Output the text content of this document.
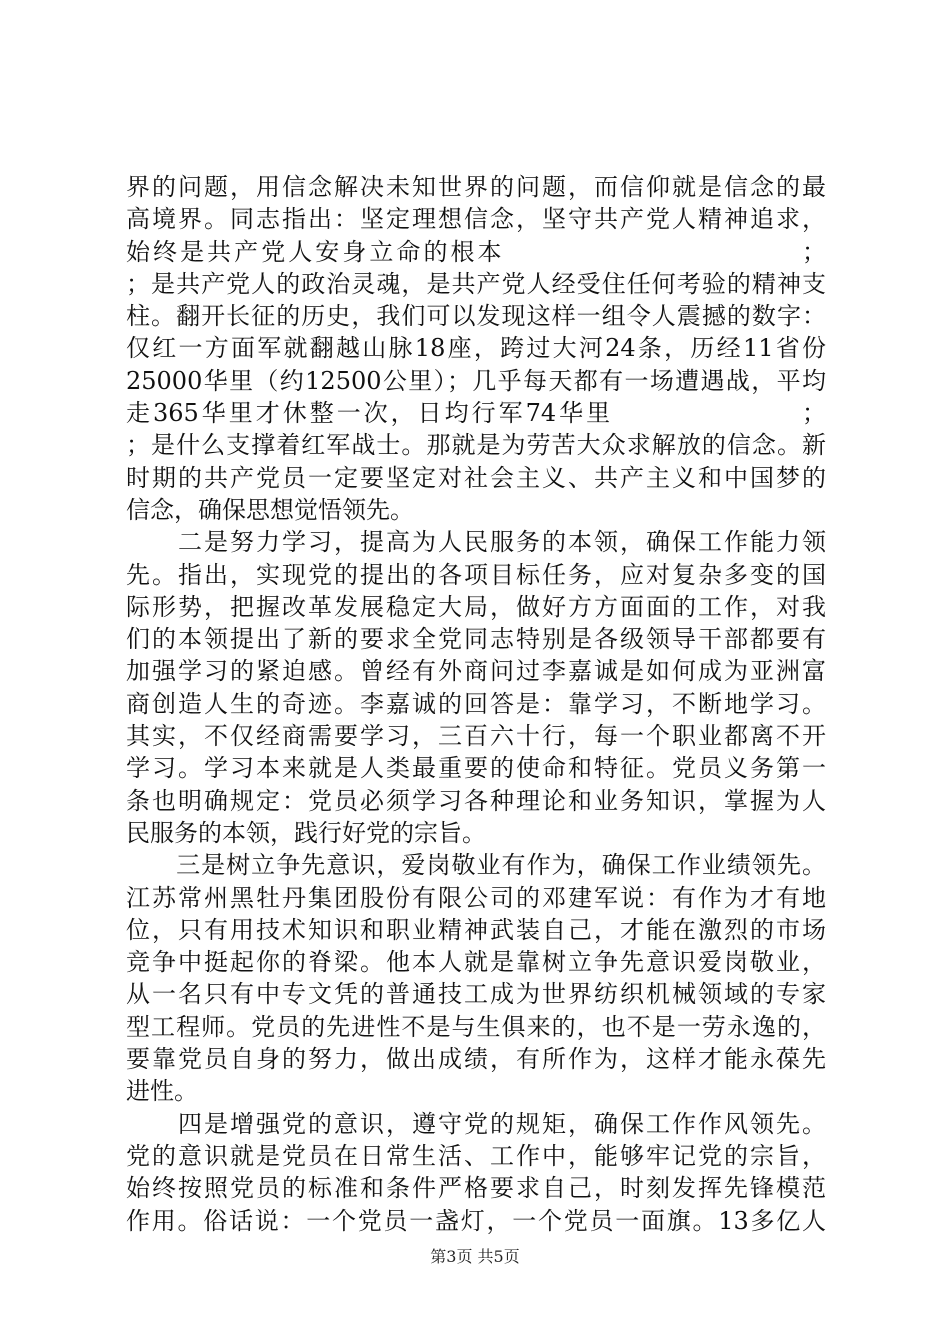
界的问题，用信念解决未知世界的问题，而信仰就是信念的最
高境界。同志指出：坚定理想信念，坚守共产党人精神追求，
始终是共产党人安身立命的根本　　　　　　　　　　　；
；是共产党人的政治灵魂，是共产党人经受住任何考验的精神支
柱。翻开长征的历史，我们可以发现这样一组令人震撼的数字：
仅红一方面军就翻越山脉18座，跨过大河24条，历经11省份
25000华里（约12500公里）；几乎每天都有一场遭遇战，平均
走365华里才休整一次，日均行军74华里　　　　　　　；
；是什么支撑着红军战士。那就是为劳苦大众求解放的信念。新
时期的共产党员一定要坚定对社会主义、共产主义和中国梦的
信念，确保思想觉悟领先。
　　二是努力学习，提高为人民服务的本领，确保工作能力领
先。指出，实现党的提出的各项目标任务，应对复杂多变的国
际形势，把握改革发展稳定大局，做好方方面面的工作，对我
们的本领提出了新的要求全党同志特别是各级领导干部都要有
加强学习的紧迫感。曾经有外商问过李嘉诚是如何成为亚洲富
商创造人生的奇迹。李嘉诚的回答是：靠学习，不断地学习。
其实，不仅经商需要学习，三百六十行，每一个职业都离不开
学习。学习本来就是人类最重要的使命和特征。党员义务第一
条也明确规定：党员必须学习各种理论和业务知识，掌握为人
民服务的本领，践行好党的宗旨。
　　三是树立争先意识，爱岗敬业有作为，确保工作业绩领先。
江苏常州黑牡丹集团股份有限公司的邓建军说：有作为才有地
位，只有用技术知识和职业精神武装自己，才能在激烈的市场
竞争中挺起你的脊梁。他本人就是靠树立争先意识爱岗敬业，
从一名只有中专文凭的普通技工成为世界纺织机械领域的专家
型工程师。党员的先进性不是与生俱来的，也不是一劳永逸的，
要靠党员自身的努力，做出成绩，有所作为，这样才能永葆先
进性。
　　四是增强党的意识，遵守党的规矩，确保工作作风领先。
党的意识就是党员在日常生活、工作中，能够牢记党的宗旨，
始终按照党员的标准和条件严格要求自己，时刻发挥先锋模范
作用。俗话说：一个党员一盏灯，一个党员一面旗。13多亿人
第3页 共5页
